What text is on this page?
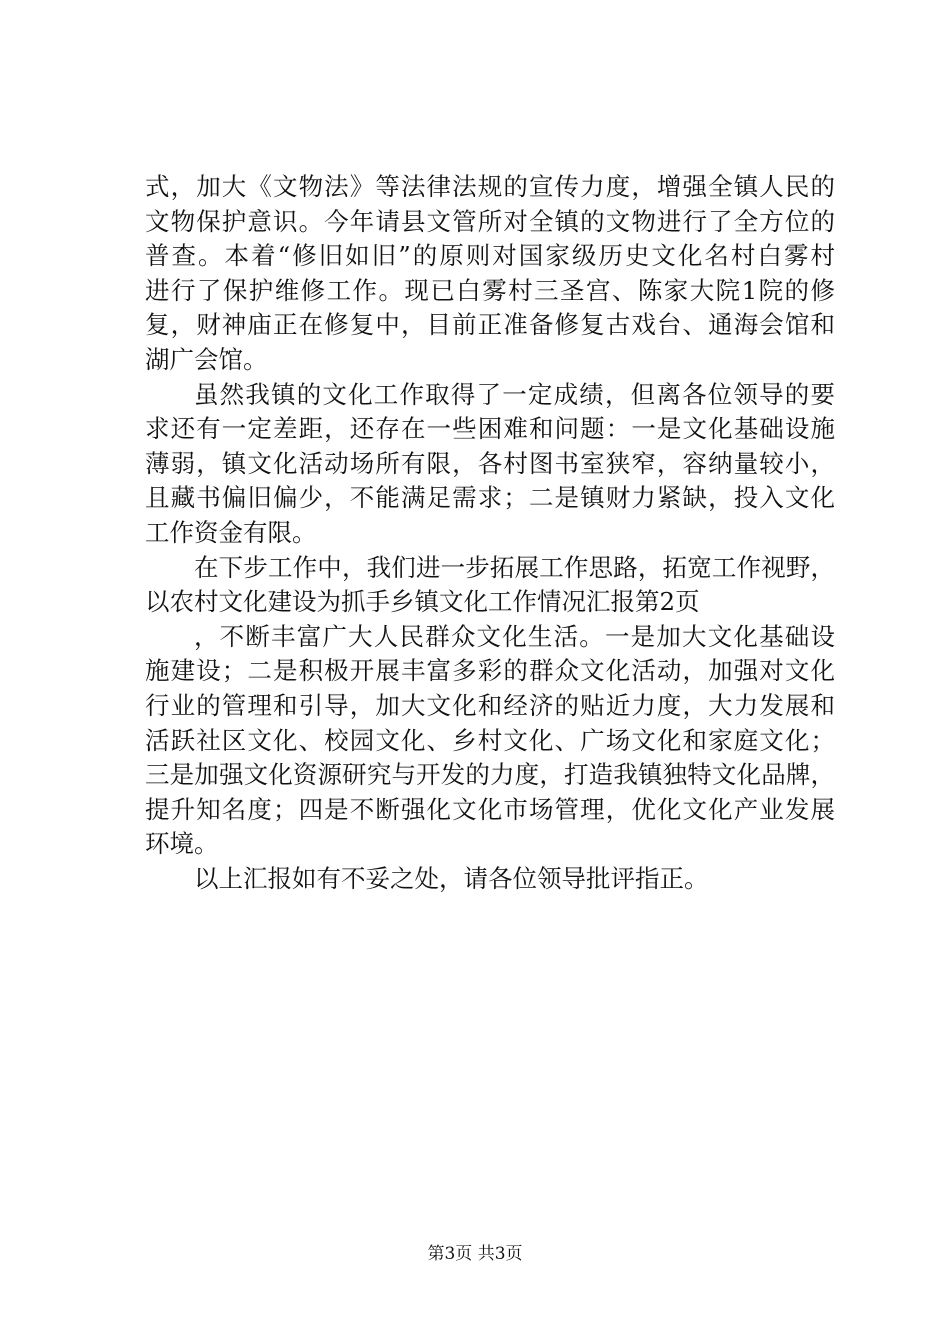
式，加大《文物法》等法律法规的宣传力度，增强全镇人民的
文物保护意识。今年请县文管所对全镇的文物进行了全方位的
普查。本着“修旧如旧”的原则对国家级历史文化名村白雾村
进行了保护维修工作。现已白雾村三圣宫、陈家大院1院的修
复，财神庙正在修复中，目前正准备修复古戏台、通海会馆和
湖广会馆。
虽然我镇的文化工作取得了一定成绩，但离各位领导的要
求还有一定差距，还存在一些困难和问题：一是文化基础设施
薄弱，镇文化活动场所有限，各村图书室狭窄，容纳量较小，
且藏书偏旧偏少，不能满足需求；二是镇财力紧缺，投入文化
工作资金有限。
在下步工作中，我们进一步拓展工作思路，拓宽工作视野，
以农村文化建设为抓手乡镇文化工作情况汇报第2页
，不断丰富广大人民群众文化生活。一是加大文化基础设
施建设；二是积极开展丰富多彩的群众文化活动，加强对文化
行业的管理和引导，加大文化和经济的贴近力度，大力发展和
活跃社区文化、校园文化、乡村文化、广场文化和家庭文化；
三是加强文化资源研究与开发的力度，打造我镇独特文化品牌，
提升知名度；四是不断强化文化市场管理，优化文化产业发展
环境。
以上汇报如有不妥之处，请各位领导批评指正。
第3页 共3页
